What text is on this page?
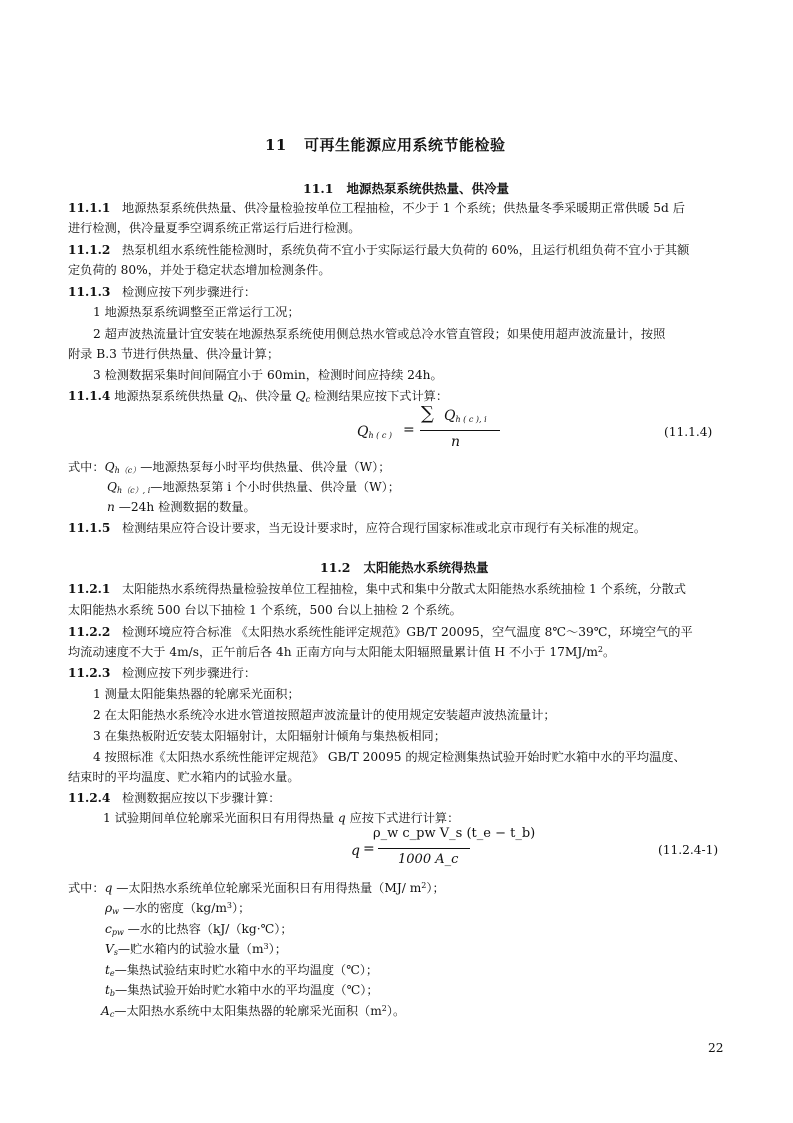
11 可再生能源应用系统节能检验
11.1 地源热泵系统供热量、供冷量
11.1.1 地源热泵系统供热量、供冷量检验按单位工程抽检，不少于 1 个系统；供热量冬季采暖期正常供暖 5d 后
进行检测，供冷量夏季空调系统正常运行后进行检测。
11.1.2 热泵机组水系统性能检测时，系统负荷不宜小于实际运行最大负荷的 60%，且运行机组负荷不宜小于其额
定负荷的 80%，并处于稳定状态增加检测条件。
11.1.3 检测应按下列步骤进行：
1 地源热泵系统调整至正常运行工况；
2 超声波热流量计宜安装在地源热泵系统使用侧总热水管或总冷水管直管段；如果使用超声波流量计，按照
附录 B.3 节进行供热量、供冷量计算；
3 检测数据采集时间间隔宜小于 60min，检测时间应持续 24h。
11.1.4 地源热泵系统供热量 $Q_h$、供冷量 $Q_c$ 检测结果应按下式计算：
$Q_{h ( c )}$ =
∑ $Q_{h ( c ), i}$
n
(11.1.4)
式中：$Q_{h(c)}—$地源热泵每小时平均供热量、供冷量（W）；
$Q_{h(c), i}—$地源热泵第 i 个小时供热量、供冷量（W）；
n —24h 检测数据的数量。
11.1.5 检测结果应符合设计要求，当无设计要求时，应符合现行国家标准或北京市现行有关标准的规定。
11.2 太阳能热水系统得热量
11.2.1 太阳能热水系统得热量检验按单位工程抽检，集中式和集中分散式太阳能热水系统抽检 1 个系统，分散式
太阳能热水系统 500 台以下抽检 1 个系统，500 台以上抽检 2 个系统。
11.2.2 检测环境应符合标准 《太阳热水系统性能评定规范》GB/T 20095，空气温度 8℃～39℃，环境空气的平
均流动速度不大于 4m/s，正午前后各 4h 正南方向与太阳能太阳辐照量累计值 H 不小于 $17MJ/m^2$。
11.2.3 检测应按下列步骤进行：
1 测量太阳能集热器的轮廓采光面积；
2 在太阳能热水系统冷水进水管道按照超声波流量计的使用规定安装超声波热流量计；
3 在集热板附近安装太阳辐射计，太阳辐射计倾角与集热板相同；
4 按照标准《太阳热水系统性能评定规范》 GB/T 20095 的规定检测集热试验开始时贮水箱中水的平均温度、
结束时的平均温度、贮水箱内的试验水量。
11.2.4 检测数据应按以下步骤计算：
1 试验期间单位轮廓采光面积日有用得热量 q 应按下式进行计算：
q =
ρ_w c_pw V_s (t_e − t_b)
1000 A_c
(11.2.4-1)
式中：q —太阳热水系统单位轮廓采光面积日有用得热量（MJ/ $m^2$）；
$\rho_w$ —水的密度$(kg/m^3)$；
$c_{pw}$ —水的比热容（kJ/（kg·℃）；
$V_s—$贮水箱内的试验水量$(m^3)$；
$t_e—$集热试验结束时贮水箱中水的平均温度（℃）；
$t_b—$集热试验开始时贮水箱中水的平均温度（℃）；
$A_c—$太阳热水系统中太阳集热器的轮廓采光面积$(m^2)$。
22
